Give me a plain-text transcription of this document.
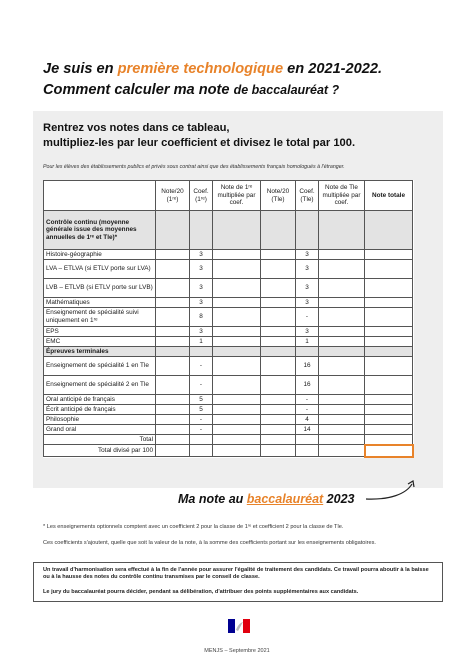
Je suis en première technologique en 2021-2022.
Comment calculer ma note de baccalauréat ?
Rentrez vos notes dans ce tableau,
multipliez-les par leur coefficient et divisez le total par 100.
Pour les élèves des établissements publics et privés sous contrat ainsi que des établissements français homologués à l'étranger.
	Note/20 (1ʳᵉ)	Coef. (1ʳᵉ)	Note de 1ʳᵉ multipliée par coef.	Note/20 (Tle)	Coef. (Tle)	Note de Tle multipliée par coef.	Note totale
Contrôle continu (moyenne générale issue des moyennes annuelles de 1ʳᵉ et Tle)*							
Histoire-géographie		3			3		
LVA – ETLVA (si ETLV porte sur LVA)		3			3		
LVB – ETLVB (si ETLV porte sur LVB)		3			3		
Mathématiques		3			3		
Enseignement de spécialité suivi uniquement en 1ʳᵉ		8			-		
EPS		3			3		
EMC		1			1		
Épreuves terminales							
Enseignement de spécialité 1 en Tle		-			16		
Enseignement de spécialité 2 en Tle		-			16		
Oral anticipé de français		5			-		
Écrit anticipé de français		5			-		
Philosophie		-			4		
Grand oral		-			14		
Total							
Total divisé par 100							
Ma note au baccalauréat 2023
* Les enseignements optionnels comptent avec un coefficient 2 pour la classe de 1ʳᵉ et coefficient 2 pour la classe de Tle.
Ces coefficients s'ajoutent, quelle que soit la valeur de la note, à la somme des coefficients portant sur les enseignements obligatoires.

Un travail d'harmonisation sera effectué à la fin de l'année pour assurer l'égalité de traitement des candidats. Ce travail pourra aboutir à la baisse ou à la hausse des notes du contrôle continu transmises par le conseil de classe.

Le jury du baccalauréat pourra décider, pendant sa délibération, d'attribuer des points supplémentaires aux candidats.

MENJS – Septembre 2021
